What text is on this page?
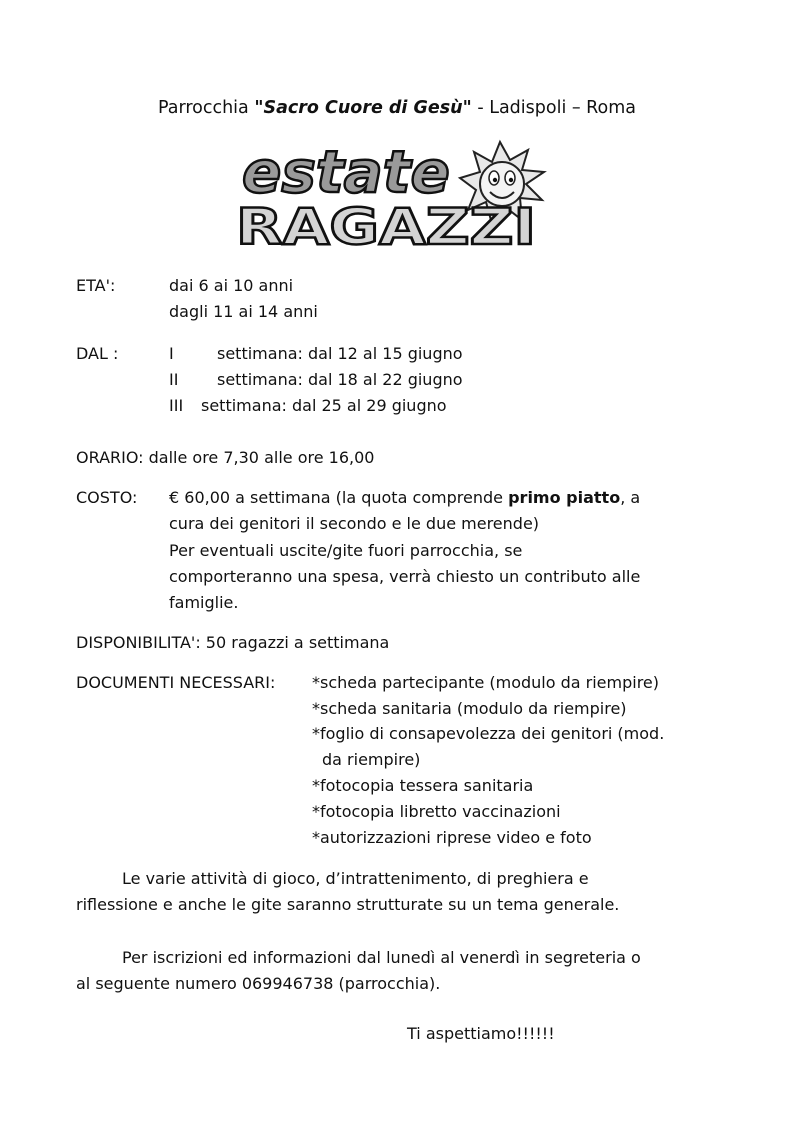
Parrocchia "Sacro Cuore di Gesù" - Ladispoli – Roma
estate
RAGAZZI
ETA':	dai 6 ai 10 anni
dagli 11 ai 14 anni
DAL :	I	settimana: dal 12 al 15 giugno
II settimana: dal 18 al 22 giugno
III settimana: dal 25 al 29 giugno
ORARIO: dalle ore 7,30 alle ore 16,00
COSTO: € 60,00 a settimana (la quota comprende primo piatto, a
cura dei genitori il secondo e le due merende)
Per eventuali uscite/gite fuori parrocchia, se
comporteranno una spesa, verrà chiesto un contributo alle
famiglie.
DISPONIBILITA': 50 ragazzi a settimana
DOCUMENTI NECESSARI: *scheda partecipante (modulo da riempire)
*scheda sanitaria (modulo da riempire)
*foglio di consapevolezza dei genitori (mod.
da riempire)
*fotocopia tessera sanitaria
*fotocopia libretto vaccinazioni
*autorizzazioni riprese video e foto
Le varie attività di gioco, d’intrattenimento, di preghiera e
riflessione e anche le gite saranno strutturate su un tema generale.
Per iscrizioni ed informazioni dal lunedì al venerdì in segreteria o
al seguente numero 069946738 (parrocchia).
Ti aspettiamo!!!!!!
